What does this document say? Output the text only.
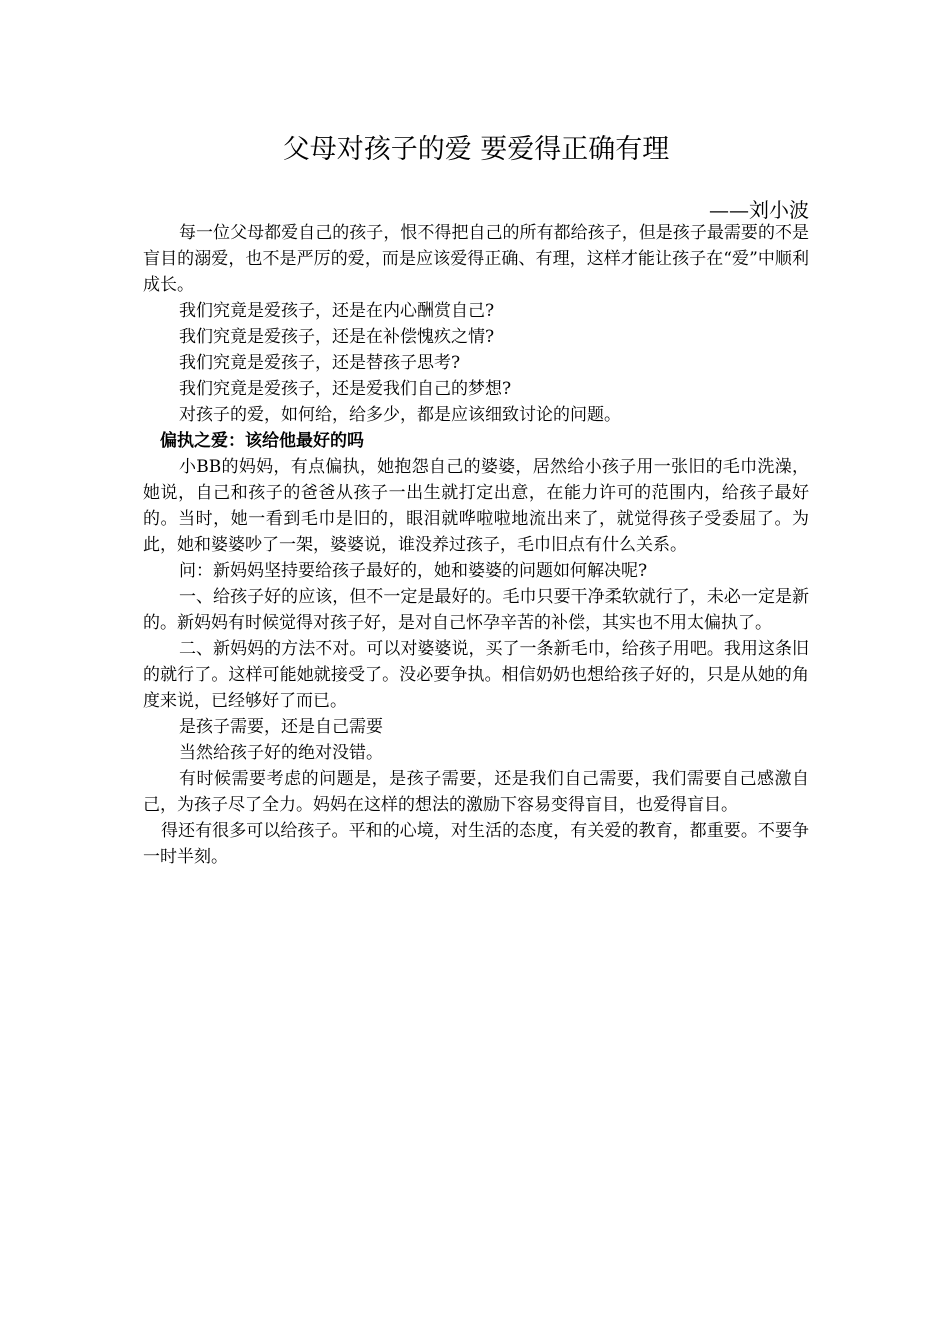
父母对孩子的爱 要爱得正确有理
——刘小波

每一位父母都爱自己的孩子，恨不得把自己的所有都给孩子，但是孩子最需要的不是盲目的溺爱，也不是严厉的爱，而是应该爱得正确、有理，这样才能让孩子在“爱”中顺利成长。

我们究竟是爱孩子，还是在内心酬赏自己?

我们究竟是爱孩子，还是在补偿愧疚之情?

我们究竟是爱孩子，还是替孩子思考?

我们究竟是爱孩子，还是爱我们自己的梦想?

对孩子的爱，如何给，给多少，都是应该细致讨论的问题。

偏执之爱：该给他最好的吗

小BB的妈妈，有点偏执，她抱怨自己的婆婆，居然给小孩子用一张旧的毛巾洗澡，她说，自己和孩子的爸爸从孩子一出生就打定出意，在能力许可的范围内，给孩子最好的。当时，她一看到毛巾是旧的，眼泪就哗啦啦地流出来了，就觉得孩子受委屈了。为此，她和婆婆吵了一架，婆婆说，谁没养过孩子，毛巾旧点有什么关系。

问：新妈妈坚持要给孩子最好的，她和婆婆的问题如何解决呢?

一、给孩子好的应该，但不一定是最好的。毛巾只要干净柔软就行了，未必一定是新的。新妈妈有时候觉得对孩子好，是对自己怀孕辛苦的补偿，其实也不用太偏执了。

二、新妈妈的方法不对。可以对婆婆说，买了一条新毛巾，给孩子用吧。我用这条旧的就行了。这样可能她就接受了。没必要争执。相信奶奶也想给孩子好的，只是从她的角度来说，已经够好了而已。

是孩子需要，还是自己需要

当然给孩子好的绝对没错。

有时候需要考虑的问题是，是孩子需要，还是我们自己需要，我们需要自己感激自己，为孩子尽了全力。妈妈在这样的想法的激励下容易变得盲目，也爱得盲目。

得还有很多可以给孩子。平和的心境，对生活的态度，有关爱的教育，都重要。不要争一时半刻。
